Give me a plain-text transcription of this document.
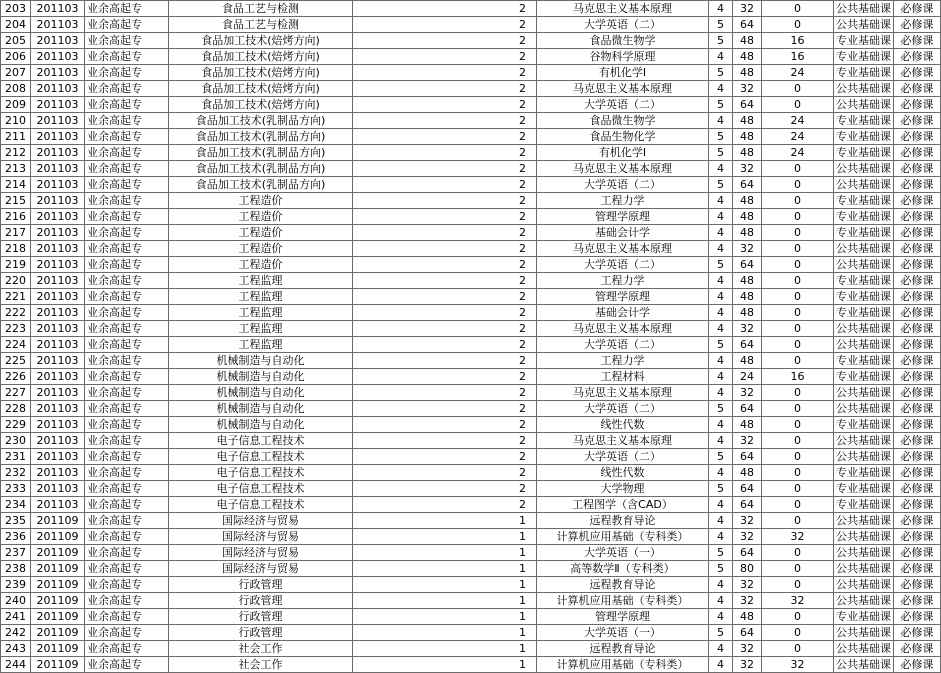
203	201103	业余高起专	食品工艺与检测	2	马克思主义基本原理	4	32	0	公共基础课	必修课
204	201103	业余高起专	食品工艺与检测	2	大学英语（二）	5	64	0	公共基础课	必修课
205	201103	业余高起专	食品加工技术(焙烤方向)	2	食品微生物学	5	48	16	专业基础课	必修课
206	201103	业余高起专	食品加工技术(焙烤方向)	2	谷物科学原理	4	48	16	专业基础课	必修课
207	201103	业余高起专	食品加工技术(焙烤方向)	2	有机化学I	5	48	24	专业基础课	必修课
208	201103	业余高起专	食品加工技术(焙烤方向)	2	马克思主义基本原理	4	32	0	公共基础课	必修课
209	201103	业余高起专	食品加工技术(焙烤方向)	2	大学英语（二）	5	64	0	公共基础课	必修课
210	201103	业余高起专	食品加工技术(乳制品方向)	2	食品微生物学	4	48	24	专业基础课	必修课
211	201103	业余高起专	食品加工技术(乳制品方向)	2	食品生物化学	5	48	24	专业基础课	必修课
212	201103	业余高起专	食品加工技术(乳制品方向)	2	有机化学I	5	48	24	专业基础课	必修课
213	201103	业余高起专	食品加工技术(乳制品方向)	2	马克思主义基本原理	4	32	0	公共基础课	必修课
214	201103	业余高起专	食品加工技术(乳制品方向)	2	大学英语（二）	5	64	0	公共基础课	必修课
215	201103	业余高起专	工程造价	2	工程力学	4	48	0	专业基础课	必修课
216	201103	业余高起专	工程造价	2	管理学原理	4	48	0	专业基础课	必修课
217	201103	业余高起专	工程造价	2	基础会计学	4	48	0	专业基础课	必修课
218	201103	业余高起专	工程造价	2	马克思主义基本原理	4	32	0	公共基础课	必修课
219	201103	业余高起专	工程造价	2	大学英语（二）	5	64	0	公共基础课	必修课
220	201103	业余高起专	工程监理	2	工程力学	4	48	0	专业基础课	必修课
221	201103	业余高起专	工程监理	2	管理学原理	4	48	0	专业基础课	必修课
222	201103	业余高起专	工程监理	2	基础会计学	4	48	0	专业基础课	必修课
223	201103	业余高起专	工程监理	2	马克思主义基本原理	4	32	0	公共基础课	必修课
224	201103	业余高起专	工程监理	2	大学英语（二）	5	64	0	公共基础课	必修课
225	201103	业余高起专	机械制造与自动化	2	工程力学	4	48	0	专业基础课	必修课
226	201103	业余高起专	机械制造与自动化	2	工程材料	4	24	16	专业基础课	必修课
227	201103	业余高起专	机械制造与自动化	2	马克思主义基本原理	4	32	0	公共基础课	必修课
228	201103	业余高起专	机械制造与自动化	2	大学英语（二）	5	64	0	公共基础课	必修课
229	201103	业余高起专	机械制造与自动化	2	线性代数	4	48	0	专业基础课	必修课
230	201103	业余高起专	电子信息工程技术	2	马克思主义基本原理	4	32	0	公共基础课	必修课
231	201103	业余高起专	电子信息工程技术	2	大学英语（二）	5	64	0	公共基础课	必修课
232	201103	业余高起专	电子信息工程技术	2	线性代数	4	48	0	专业基础课	必修课
233	201103	业余高起专	电子信息工程技术	2	大学物理	5	64	0	专业基础课	必修课
234	201103	业余高起专	电子信息工程技术	2	工程图学（含CAD）	4	64	0	专业基础课	必修课
235	201109	业余高起专	国际经济与贸易	1	远程教育导论	4	32	0	公共基础课	必修课
236	201109	业余高起专	国际经济与贸易	1	计算机应用基础（专科类）	4	32	32	公共基础课	必修课
237	201109	业余高起专	国际经济与贸易	1	大学英语（一）	5	64	0	公共基础课	必修课
238	201109	业余高起专	国际经济与贸易	1	高等数学Ⅱ（专科类）	5	80	0	公共基础课	必修课
239	201109	业余高起专	行政管理	1	远程教育导论	4	32	0	公共基础课	必修课
240	201109	业余高起专	行政管理	1	计算机应用基础（专科类）	4	32	32	公共基础课	必修课
241	201109	业余高起专	行政管理	1	管理学原理	4	48	0	专业基础课	必修课
242	201109	业余高起专	行政管理	1	大学英语（一）	5	64	0	公共基础课	必修课
243	201109	业余高起专	社会工作	1	远程教育导论	4	32	0	公共基础课	必修课
244	201109	业余高起专	社会工作	1	计算机应用基础（专科类）	4	32	32	公共基础课	必修课
